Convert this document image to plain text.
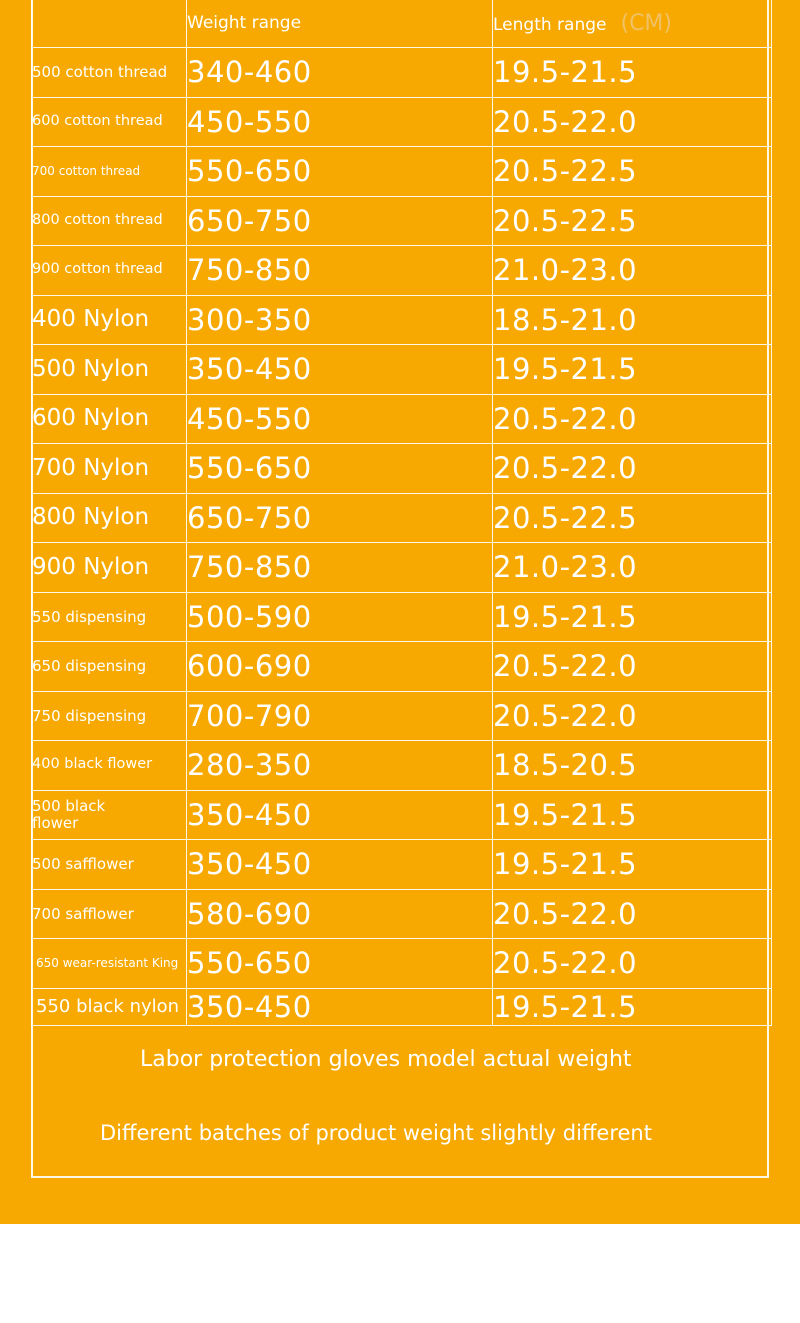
	Weight range	Length range (CM)
500 cotton thread	340-460	19.5-21.5
600 cotton thread	450-550	20.5-22.0
700 cotton thread	550-650	20.5-22.5
800 cotton thread	650-750	20.5-22.5
900 cotton thread	750-850	21.0-23.0
400 Nylon	300-350	18.5-21.0
500 Nylon	350-450	19.5-21.5
600 Nylon	450-550	20.5-22.0
700 Nylon	550-650	20.5-22.0
800 Nylon	650-750	20.5-22.5
900 Nylon	750-850	21.0-23.0
550 dispensing	500-590	19.5-21.5
650 dispensing	600-690	20.5-22.0
750 dispensing	700-790	20.5-22.0
400 black flower	280-350	18.5-20.5
500 black flower	350-450	19.5-21.5
500 safflower	350-450	19.5-21.5
700 safflower	580-690	20.5-22.0
650 wear-resistant King	550-650	20.5-22.0
550 black nylon	350-450	19.5-21.5
Labor protection gloves model actual weight
Different batches of product weight slightly different
